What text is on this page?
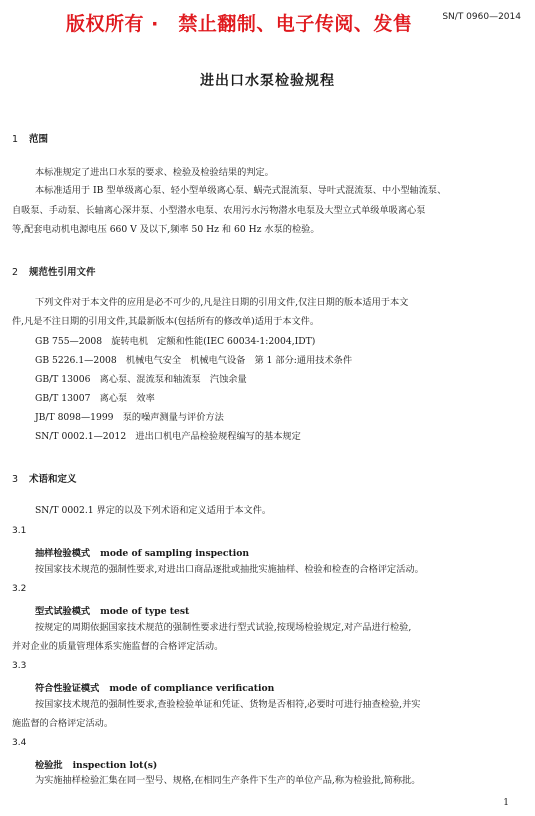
版权所有 ·　禁止翻制、电子传阅、发售	SN/T 0960—2014
进出口水泵检验规程
1 范围
本标准规定了进出口水泵的要求、检验及检验结果的判定。
本标准适用于 IB 型单级离心泵、轻小型单级离心泵、蜗壳式混流泵、导叶式混流泵、中小型轴流泵、
自吸泵、手动泵、长轴离心深井泵、小型潜水电泵、农用污水污物潜水电泵及大型立式单级单吸离心泵
等,配套电动机电源电压 660 V 及以下,频率 50 Hz 和 60 Hz 水泵的检验。
2 规范性引用文件
下列文件对于本文件的应用是必不可少的,凡是注日期的引用文件,仅注日期的版本适用于本文
件,凡是不注日期的引用文件,其最新版本(包括所有的修改单)适用于本文件。
GB 755—2008　旋转电机　定额和性能(IEC 60034-1:2004,IDT)
GB 5226.1—2008　机械电气安全　机械电气设备　第 1 部分:通用技术条件
GB/T 13006　离心泵、混流泵和轴流泵　汽蚀余量
GB/T 13007　离心泵　效率
JB/T 8098—1999　泵的噪声测量与评价方法
SN/T 0002.1—2012　进出口机电产品检验规程编写的基本规定
3 术语和定义
SN/T 0002.1 界定的以及下列术语和定义适用于本文件。
3.1
抽样检验模式 mode of sampling inspection
按国家技术规范的强制性要求,对进出口商品逐批或抽批实施抽样、检验和检查的合格评定活动。
3.2
型式试验模式 mode of type test
按规定的周期依据国家技术规范的强制性要求进行型式试验,按现场检验规定,对产品进行检验,
并对企业的质量管理体系实施监督的合格评定活动。
3.3
符合性验证模式 mode of compliance verification
按国家技术规范的强制性要求,查验检验单证和凭证、货物是否相符,必要时可进行抽查检验,并实
施监督的合格评定活动。
3.4
检验批 inspection lot(s)
为实施抽样检验汇集在同一型号、规格,在相同生产条件下生产的单位产品,称为检验批,简称批。
1
